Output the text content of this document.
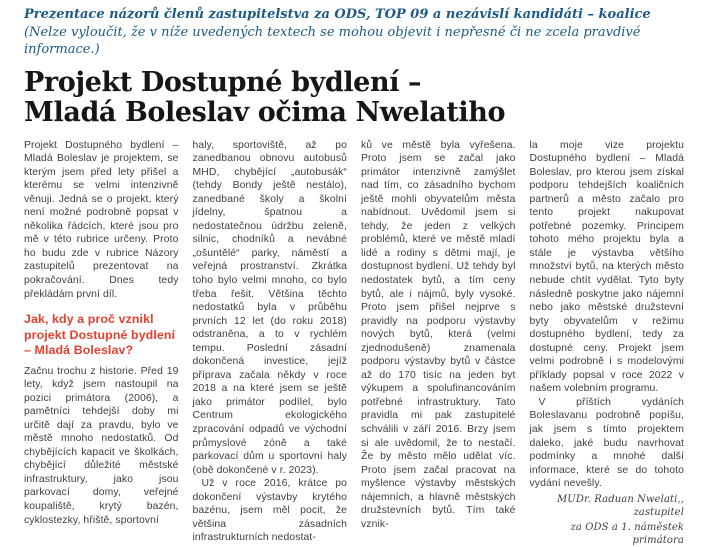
Prezentace názorů členů zastupitelstva za ODS, TOP 09 a nezávislí kandidáti – koalice
(Nelze vyloučit, že v níže uvedených textech se mohou objevit i nepřesné či ne zcela pravdivé informace.)
Projekt Dostupné bydlení –
Mladá Boleslav očima Nwelatiho

Projekt Dostupného bydlení – Mladá Boleslav je projektem, se kterým jsem před lety přišel a kterému se velmi intenzivně věnuji. Jedná se o projekt, který není možné podrobně popsat v několika řádcích, které jsou pro mě v této rubrice určeny. Proto ho budu zde v rubrice Názory zastupitelů prezentovat na pokračování. Dnes tedy překládám první díl.

Jak, kdy a proč vznikl projekt Dostupné bydlení – Mladá Boleslav?

Začnu trochu z historie. Před 19 lety, když jsem nastoupil na pozici primátora (2006), a pamětníci tehdejší doby mi určitě dají za pravdu, bylo ve městě mnoho nedostatků. Od chybějících kapacit ve školkách, chybějící důležité městské infrastruktury, jako jsou parkovací domy, veřejné koupaliště, krytý bazén, cyklostezky, hřiště, sportovní

haly, sportoviště, až po zanedbanou obnovu autobusů MHD, chybějící „autobusák“ (tehdy Bondy ještě nestálo), zanedbané školy a školní jídelny, špatnou a nedostatečnou údržbu zeleně, silnic, chodníků a nevábné „ošuntělé“ parky, náměstí a veřejná prostranství. Zkrátka toho bylo velmi mnoho, co bylo třeba řešit. Většina těchto nedostatků byla v průběhu prvních 12 let (do roku 2018) odstraněna, a to v rychlém tempu. Poslední zásadní dokončená investice, jejíž příprava začala někdy v roce 2018 a na které jsem se ještě jako primátor podílel, bylo Centrum ekologického zpracování odpadů ve východní průmyslové zóně a také parkovací dům u sportovní haly (obě dokončené v r. 2023).

Už v roce 2016, krátce po dokončení výstavby krytého bazénu, jsem měl pocit, že většina zásadních infrastrukturních nedostat-

ků ve městě byla vyřešena. Proto jsem se začal jako primátor intenzivně zamýšlet nad tím, co zásadního bychom ještě mohli obyvatelům města nabídnout. Uvědomil jsem si tehdy, že jeden z velkých problémů, které ve městě mladí lidé a rodiny s dětmi mají, je dostupnost bydlení. Už tehdy byl nedostatek bytů, a tím ceny bytů, ale i nájmů, byly vysoké. Proto jsem přišel nejprve s pravidly na podporu výstavby nových bytů, která (velmi zjednodušeně) znamenala podporu výstavby bytů v částce až do 170 tisíc na jeden byt výkupem a spolufinancováním potřebné infrastruktury. Tato pravidla mi pak zastupitelé schválili v září 2016. Brzy jsem si ale uvědomil, že to nestačí. Že by město mělo udělat víc. Proto jsem začal pracovat na myšlence výstavby městských nájemních, a hlavně městských družstevních bytů. Tím také vznik-

la moje vize projektu Dostupného bydlení – Mladá Boleslav, pro kterou jsem získal podporu tehdejších koaličních partnerů a město začalo pro tento projekt nakupovat potřebné pozemky. Principem tohoto mého projektu byla a stále je výstavba většího množství bytů, na kterých město nebude chtít vydělat. Tyto byty následně poskytne jako nájemní nebo jako městské družstevní byty obyvatelům v režimu dostupného bydlení, tedy za dostupné ceny. Projekt jsem velmi podrobně i s modelovými příklady popsal v roce 2022 v našem volebním programu.

V příštích vydáních Boleslavanu podrobně popíšu, jak jsem s tímto projektem daleko, jaké budu navrhovat podmínky a mnohé další informace, které se do tohoto vydání nevešly.

MUDr. Raduan Nwelati,, zastupitel

za ODS a 1. náměstek primátora
